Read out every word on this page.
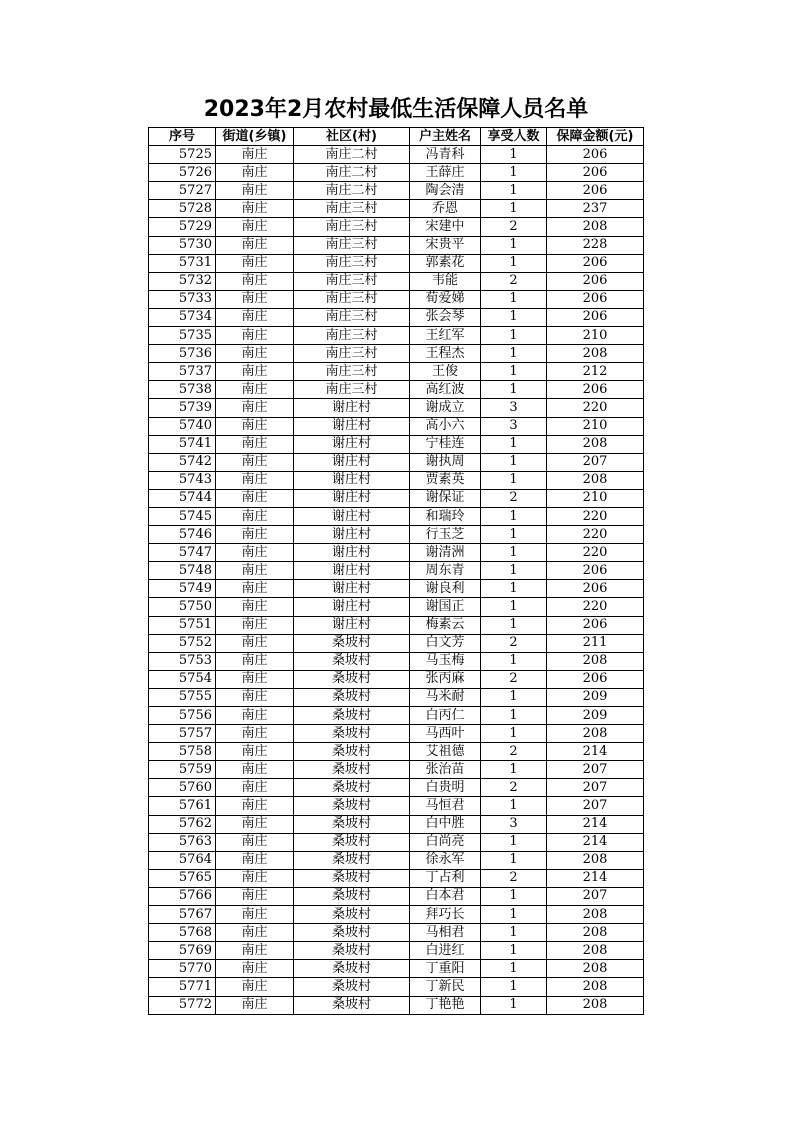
2023年2月农村最低生活保障人员名单
序号	街道(乡镇)	社区(村)	户主姓名	享受人数	保障金额(元)
5725	南庄	南庄二村	冯青科	1	206
5726	南庄	南庄二村	王薛庄	1	206
5727	南庄	南庄二村	陶会清	1	206
5728	南庄	南庄三村	乔恩	1	237
5729	南庄	南庄三村	宋建中	2	208
5730	南庄	南庄三村	宋贵平	1	228
5731	南庄	南庄三村	郭素花	1	206
5732	南庄	南庄三村	韦能	2	206
5733	南庄	南庄三村	荀爱娣	1	206
5734	南庄	南庄三村	张会琴	1	206
5735	南庄	南庄三村	王红军	1	210
5736	南庄	南庄三村	王程杰	1	208
5737	南庄	南庄三村	王俊	1	212
5738	南庄	南庄三村	高红波	1	206
5739	南庄	谢庄村	谢成立	3	220
5740	南庄	谢庄村	高小六	3	210
5741	南庄	谢庄村	宁桂连	1	208
5742	南庄	谢庄村	谢执周	1	207
5743	南庄	谢庄村	贾素英	1	208
5744	南庄	谢庄村	谢保证	2	210
5745	南庄	谢庄村	和瑞玲	1	220
5746	南庄	谢庄村	行玉芝	1	220
5747	南庄	谢庄村	谢清洲	1	220
5748	南庄	谢庄村	周东青	1	206
5749	南庄	谢庄村	谢良利	1	206
5750	南庄	谢庄村	谢国正	1	220
5751	南庄	谢庄村	梅素云	1	206
5752	南庄	桑坡村	白文芳	2	211
5753	南庄	桑坡村	马玉梅	1	208
5754	南庄	桑坡村	张丙麻	2	206
5755	南庄	桑坡村	马米耐	1	209
5756	南庄	桑坡村	白丙仁	1	209
5757	南庄	桑坡村	马西叶	1	208
5758	南庄	桑坡村	艾祖德	2	214
5759	南庄	桑坡村	张治苗	1	207
5760	南庄	桑坡村	白贵明	2	207
5761	南庄	桑坡村	马恒君	1	207
5762	南庄	桑坡村	白中胜	3	214
5763	南庄	桑坡村	白尚亮	1	214
5764	南庄	桑坡村	徐永军	1	208
5765	南庄	桑坡村	丁占利	2	214
5766	南庄	桑坡村	白本君	1	207
5767	南庄	桑坡村	拜巧长	1	208
5768	南庄	桑坡村	马相君	1	208
5769	南庄	桑坡村	白进红	1	208
5770	南庄	桑坡村	丁重阳	1	208
5771	南庄	桑坡村	丁新民	1	208
5772	南庄	桑坡村	丁艳艳	1	208
